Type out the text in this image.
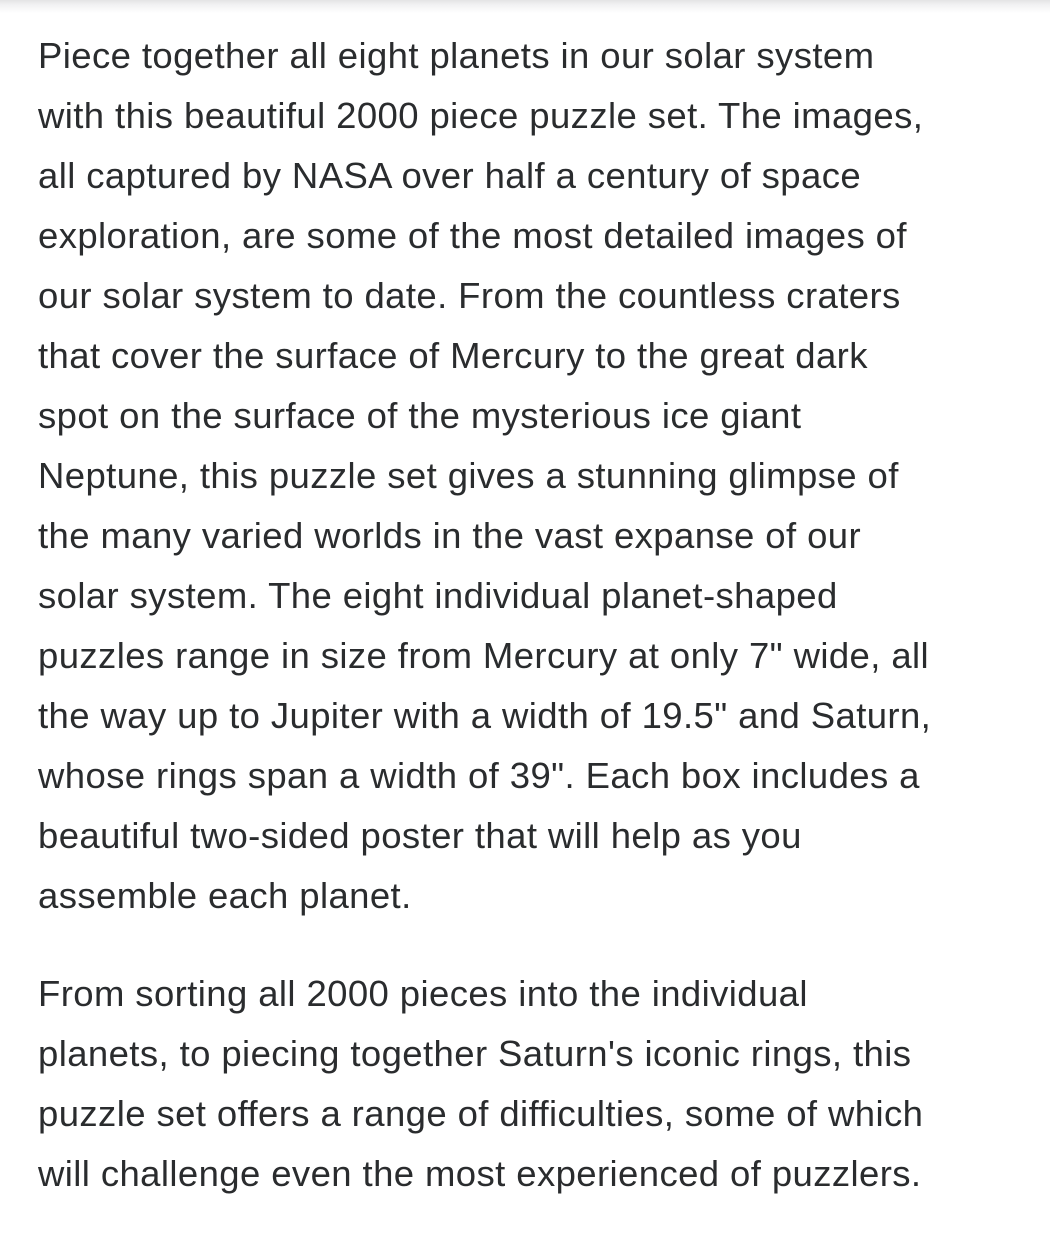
Piece together all eight planets in our solar system
with this beautiful 2000 piece puzzle set. The images,
all captured by NASA over half a century of space
exploration, are some of the most detailed images of
our solar system to date. From the countless craters
that cover the surface of Mercury to the great dark
spot on the surface of the mysterious ice giant
Neptune, this puzzle set gives a stunning glimpse of
the many varied worlds in the vast expanse of our
solar system. The eight individual planet-shaped
puzzles range in size from Mercury at only 7" wide, all
the way up to Jupiter with a width of 19.5" and Saturn,
whose rings span a width of 39". Each box includes a
beautiful two-sided poster that will help as you
assemble each planet.

From sorting all 2000 pieces into the individual
planets, to piecing together Saturn's iconic rings, this
puzzle set offers a range of difficulties, some of which
will challenge even the most experienced of puzzlers.
